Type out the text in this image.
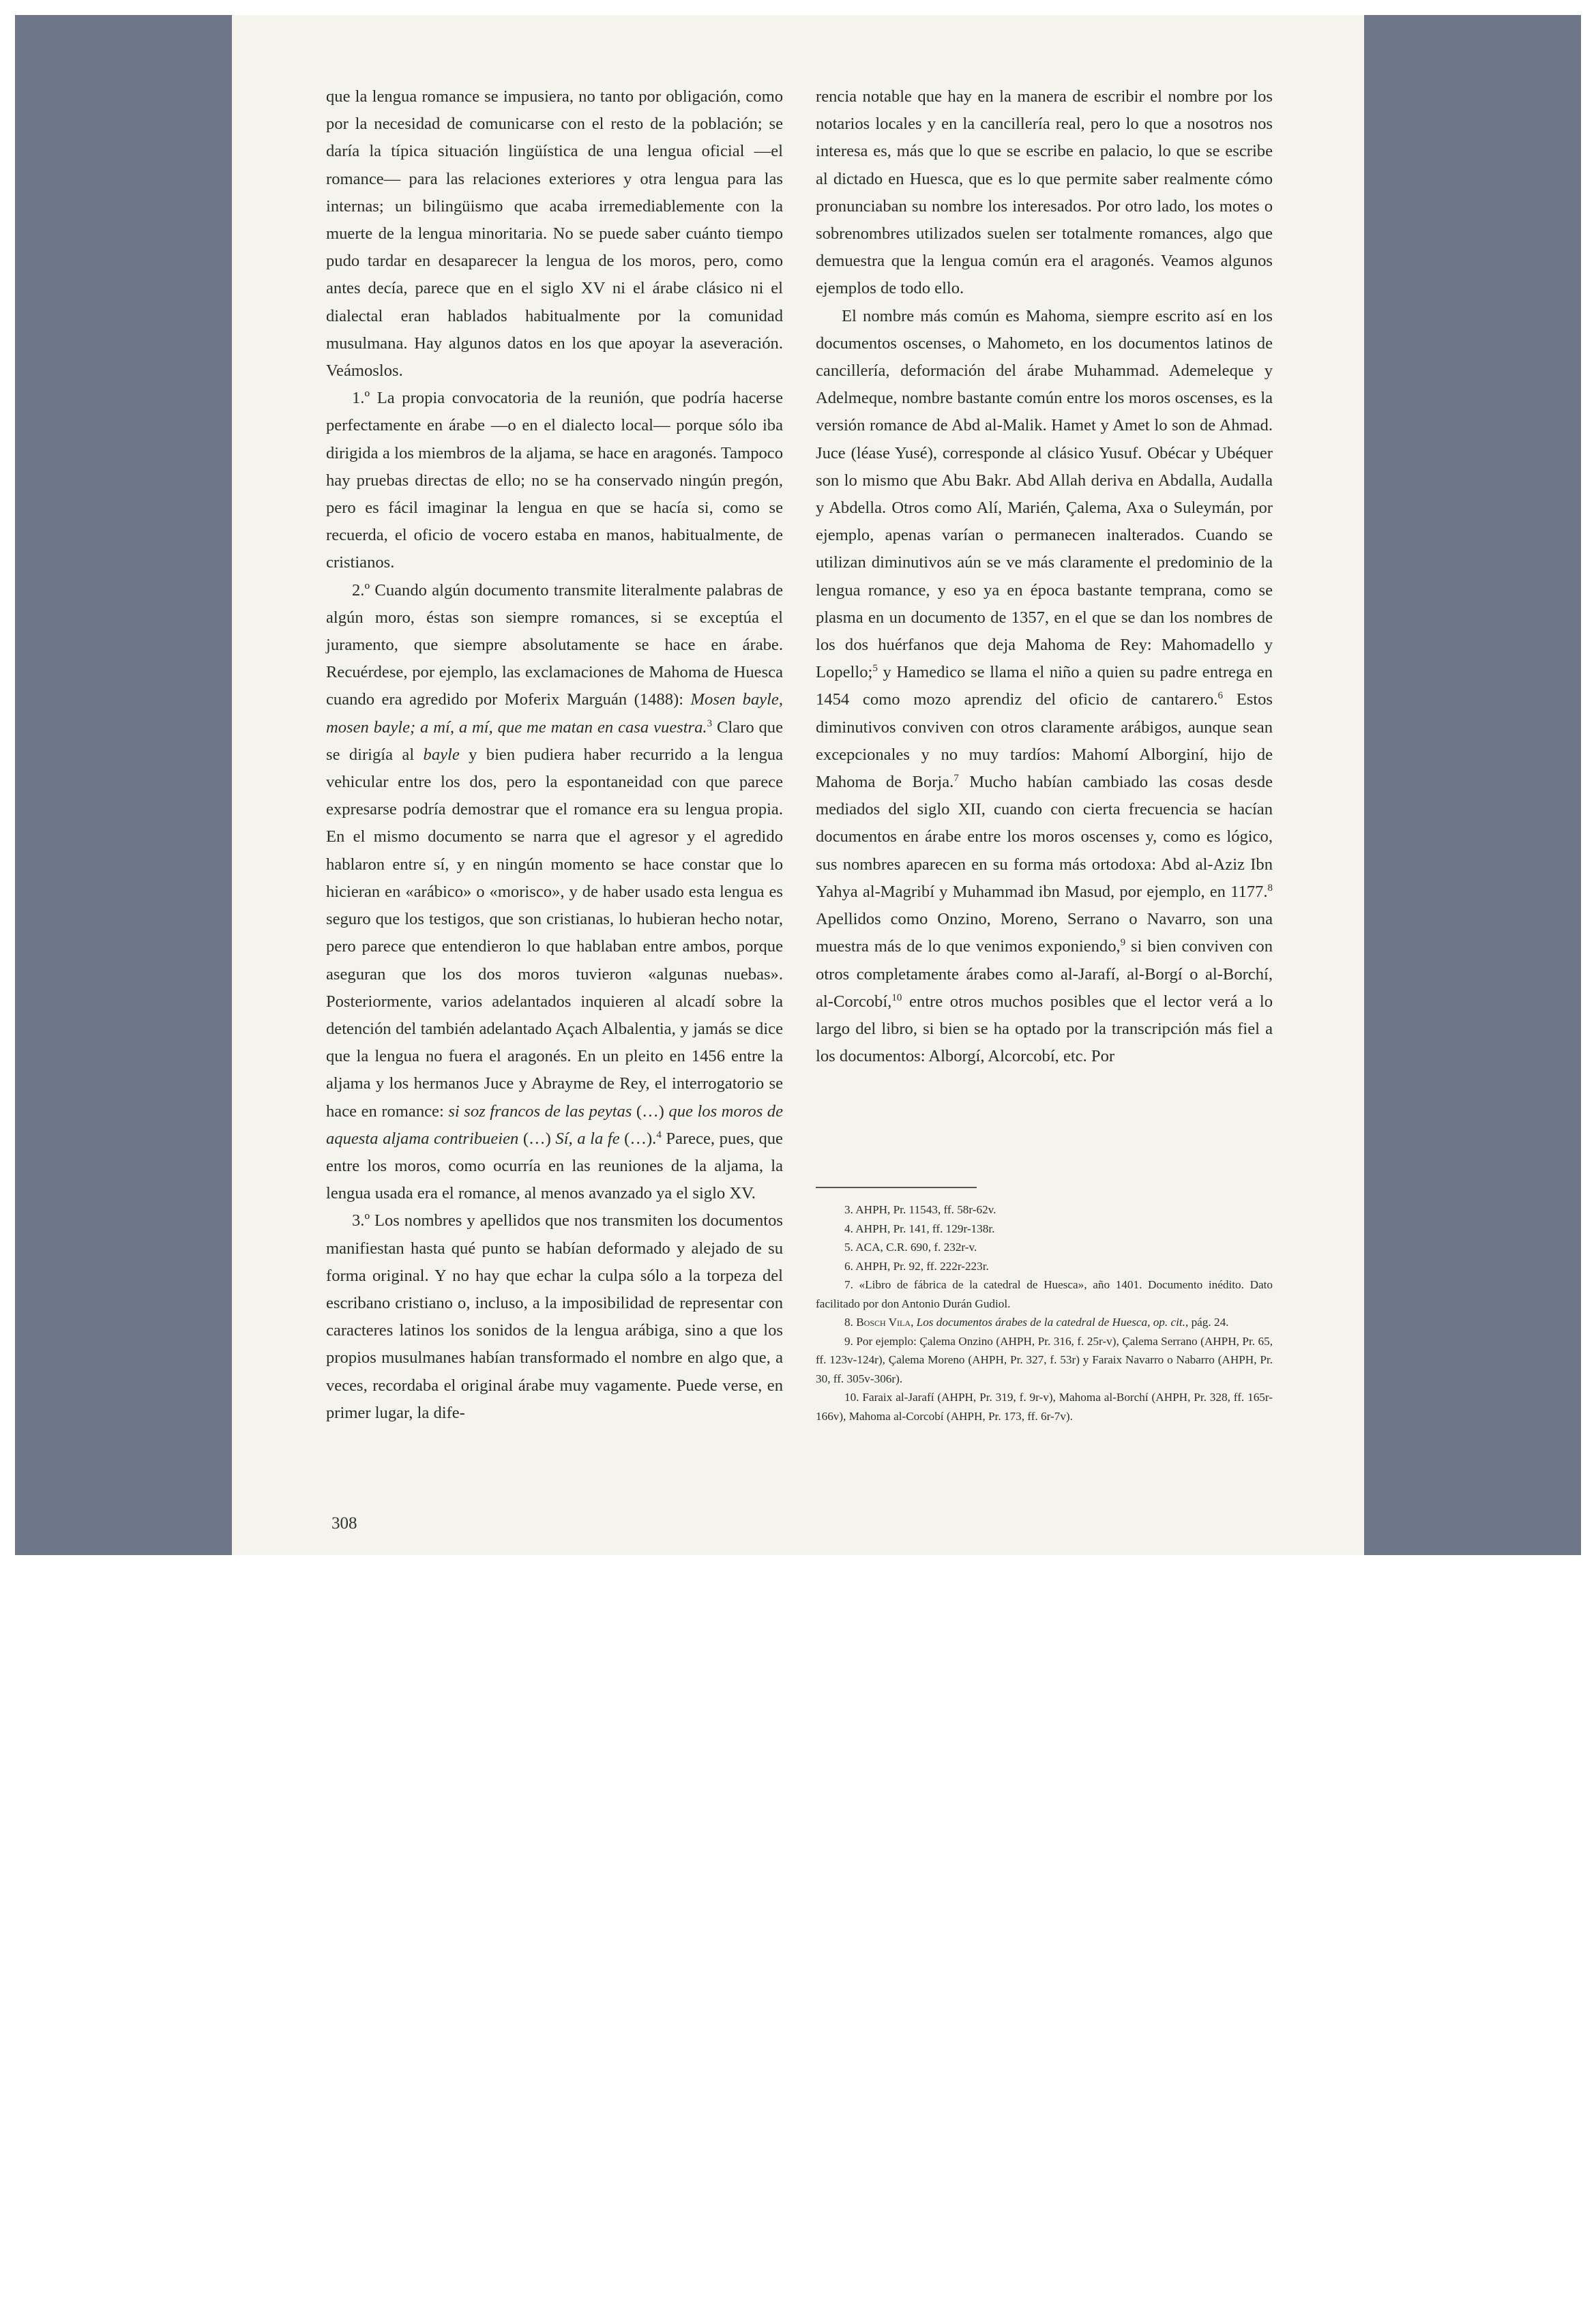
que la lengua romance se impusiera, no tanto por obligación, como por la necesidad de comunicarse con el resto de la población; se daría la típica situación lingüística de una lengua oficial —el romance— para las relaciones exteriores y otra lengua para las internas; un bilingüismo que acaba irremediablemente con la muerte de la lengua minoritaria. No se puede saber cuánto tiempo pudo tardar en desaparecer la lengua de los moros, pero, como antes decía, parece que en el siglo XV ni el árabe clásico ni el dialectal eran hablados habitualmente por la comunidad musulmana. Hay algunos datos en los que apoyar la aseveración. Veámoslos.

1.º La propia convocatoria de la reunión, que podría hacerse perfectamente en árabe —o en el dialecto local— porque sólo iba dirigida a los miembros de la aljama, se hace en aragonés. Tampoco hay pruebas directas de ello; no se ha conservado ningún pregón, pero es fácil imaginar la lengua en que se hacía si, como se recuerda, el oficio de vocero estaba en manos, habitualmente, de cristianos.

2.º Cuando algún documento transmite literalmente palabras de algún moro, éstas son siempre romances, si se exceptúa el juramento, que siempre absolutamente se hace en árabe. Recuérdese, por ejemplo, las exclamaciones de Mahoma de Huesca cuando era agredido por Moferix Marguán (1488): Mosen bayle, mosen bayle; a mí, a mí, que me matan en casa vuestra.$^3$ Claro que se dirigía al bayle y bien pudiera haber recurrido a la lengua vehicular entre los dos, pero la espontaneidad con que parece expresarse podría demostrar que el romance era su lengua propia. En el mismo documento se narra que el agresor y el agredido hablaron entre sí, y en ningún momento se hace constar que lo hicieran en «arábico» o «morisco», y de haber usado esta lengua es seguro que los testigos, que son cristianas, lo hubieran hecho notar, pero parece que entendieron lo que hablaban entre ambos, porque aseguran que los dos moros tuvieron «algunas nuebas». Posteriormente, varios adelantados inquieren al alcadí sobre la detención del también adelantado Açach Albalentia, y jamás se dice que la lengua no fuera el aragonés. En un pleito en 1456 entre la aljama y los hermanos Juce y Abrayme de Rey, el interrogatorio se hace en romance: si soz francos de las peytas (…) que los moros de aquesta aljama contribueien (…) Sí, a la fe (…).$^4$ Parece, pues, que entre los moros, como ocurría en las reuniones de la aljama, la lengua usada era el romance, al menos avanzado ya el siglo XV.

3.º Los nombres y apellidos que nos transmiten los documentos manifiestan hasta qué punto se habían deformado y alejado de su forma original. Y no hay que echar la culpa sólo a la torpeza del escribano cristiano o, incluso, a la imposibilidad de representar con caracteres latinos los sonidos de la lengua arábiga, sino a que los propios musulmanes habían transformado el nombre en algo que, a veces, recordaba el original árabe muy vagamente. Puede verse, en primer lugar, la dife-

rencia notable que hay en la manera de escribir el nombre por los notarios locales y en la cancillería real, pero lo que a nosotros nos interesa es, más que lo que se escribe en palacio, lo que se escribe al dictado en Huesca, que es lo que permite saber realmente cómo pronunciaban su nombre los interesados. Por otro lado, los motes o sobrenombres utilizados suelen ser totalmente romances, algo que demuestra que la lengua común era el aragonés. Veamos algunos ejemplos de todo ello.

El nombre más común es Mahoma, siempre escrito así en los documentos oscenses, o Mahometo, en los documentos latinos de cancillería, deformación del árabe Muhammad. Ademeleque y Adelmeque, nombre bastante común entre los moros oscenses, es la versión romance de Abd al-Malik. Hamet y Amet lo son de Ahmad. Juce (léase Yusé), corresponde al clásico Yusuf. Obécar y Ubéquer son lo mismo que Abu Bakr. Abd Allah deriva en Abdalla, Audalla y Abdella. Otros como Alí, Marién, Çalema, Axa o Suleymán, por ejemplo, apenas varían o permanecen inalterados. Cuando se utilizan diminutivos aún se ve más claramente el predominio de la lengua romance, y eso ya en época bastante temprana, como se plasma en un documento de 1357, en el que se dan los nombres de los dos huérfanos que deja Mahoma de Rey: Mahomadello y Lopello;$^5$ y Hamedico se llama el niño a quien su padre entrega en 1454 como mozo aprendiz del oficio de cantarero.$^6$ Estos diminutivos conviven con otros claramente arábigos, aunque sean excepcionales y no muy tardíos: Mahomí Alborginí, hijo de Mahoma de Borja.$^7$ Mucho habían cambiado las cosas desde mediados del siglo XII, cuando con cierta frecuencia se hacían documentos en árabe entre los moros oscenses y, como es lógico, sus nombres aparecen en su forma más ortodoxa: Abd al-Aziz Ibn Yahya al-Magribí y Muhammad ibn Masud, por ejemplo, en 1177.$^8$ Apellidos como Onzino, Moreno, Serrano o Navarro, son una muestra más de lo que venimos exponiendo,$^9$ si bien conviven con otros completamente árabes como al-Jarafí, al-Borgí o al-Borchí, al-Corcobí,$^{10}$ entre otros muchos posibles que el lector verá a lo largo del libro, si bien se ha optado por la transcripción más fiel a los documentos: Alborgí, Alcorcobí, etc. Por

3. AHPH, Pr. 11543, ff. 58r-62v.

4. AHPH, Pr. 141, ff. 129r-138r.

5. ACA, C.R. 690, f. 232r-v.

6. AHPH, Pr. 92, ff. 222r-223r.

7. «Libro de fábrica de la catedral de Huesca», año 1401. Documento inédito. Dato facilitado por don Antonio Durán Gudiol.

8. Bosch Vila, Los documentos árabes de la catedral de Huesca, op. cit., pág. 24.

9. Por ejemplo: Çalema Onzino (AHPH, Pr. 316, f. 25r-v), Çalema Serrano (AHPH, Pr. 65, ff. 123v-124r), Çalema Moreno (AHPH, Pr. 327, f. 53r) y Faraix Navarro o Nabarro (AHPH, Pr. 30, ff. 305v-306r).

10. Faraix al-Jarafí (AHPH, Pr. 319, f. 9r-v), Mahoma al-Borchí (AHPH, Pr. 328, ff. 165r-166v), Mahoma al-Corcobí (AHPH, Pr. 173, ff. 6r-7v).

308
